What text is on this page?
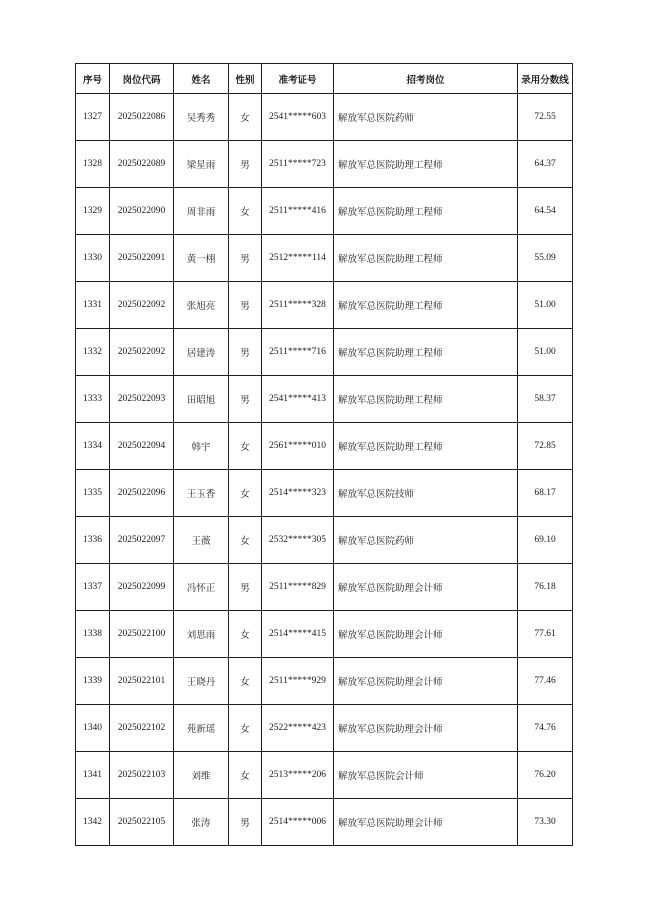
序号	岗位代码	姓名	性别	准考证号	招考岗位	录用分数线
1327	2025022086	吴秀秀	女	2541*****603	解放军总医院药师	72.55
1328	2025022089	梁星雨	男	2511*****723	解放军总医院助理工程师	64.37
1329	2025022090	周非雨	女	2511*****416	解放军总医院助理工程师	64.54
1330	2025022091	黄一栩	男	2512*****114	解放军总医院助理工程师	55.09
1331	2025022092	张旭亮	男	2511*****328	解放军总医院助理工程师	51.00
1332	2025022092	居建涛	男	2511*****716	解放军总医院助理工程师	51.00
1333	2025022093	田昭旭	男	2541*****413	解放军总医院助理工程师	58.37
1334	2025022094	韩宇	女	2561*****010	解放军总医院助理工程师	72.85
1335	2025022096	王玉香	女	2514*****323	解放军总医院技师	68.17
1336	2025022097	王薇	女	2532*****305	解放军总医院药师	69.10
1337	2025022099	冯怀正	男	2511*****829	解放军总医院助理会计师	76.18
1338	2025022100	刘思雨	女	2514*****415	解放军总医院助理会计师	77.61
1339	2025022101	王晓丹	女	2511*****929	解放军总医院助理会计师	77.46
1340	2025022102	苑新瑶	女	2522*****423	解放军总医院助理会计师	74.76
1341	2025022103	刘维	女	2513*****206	解放军总医院会计师	76.20
1342	2025022105	张涛	男	2514*****006	解放军总医院助理会计师	73.30
